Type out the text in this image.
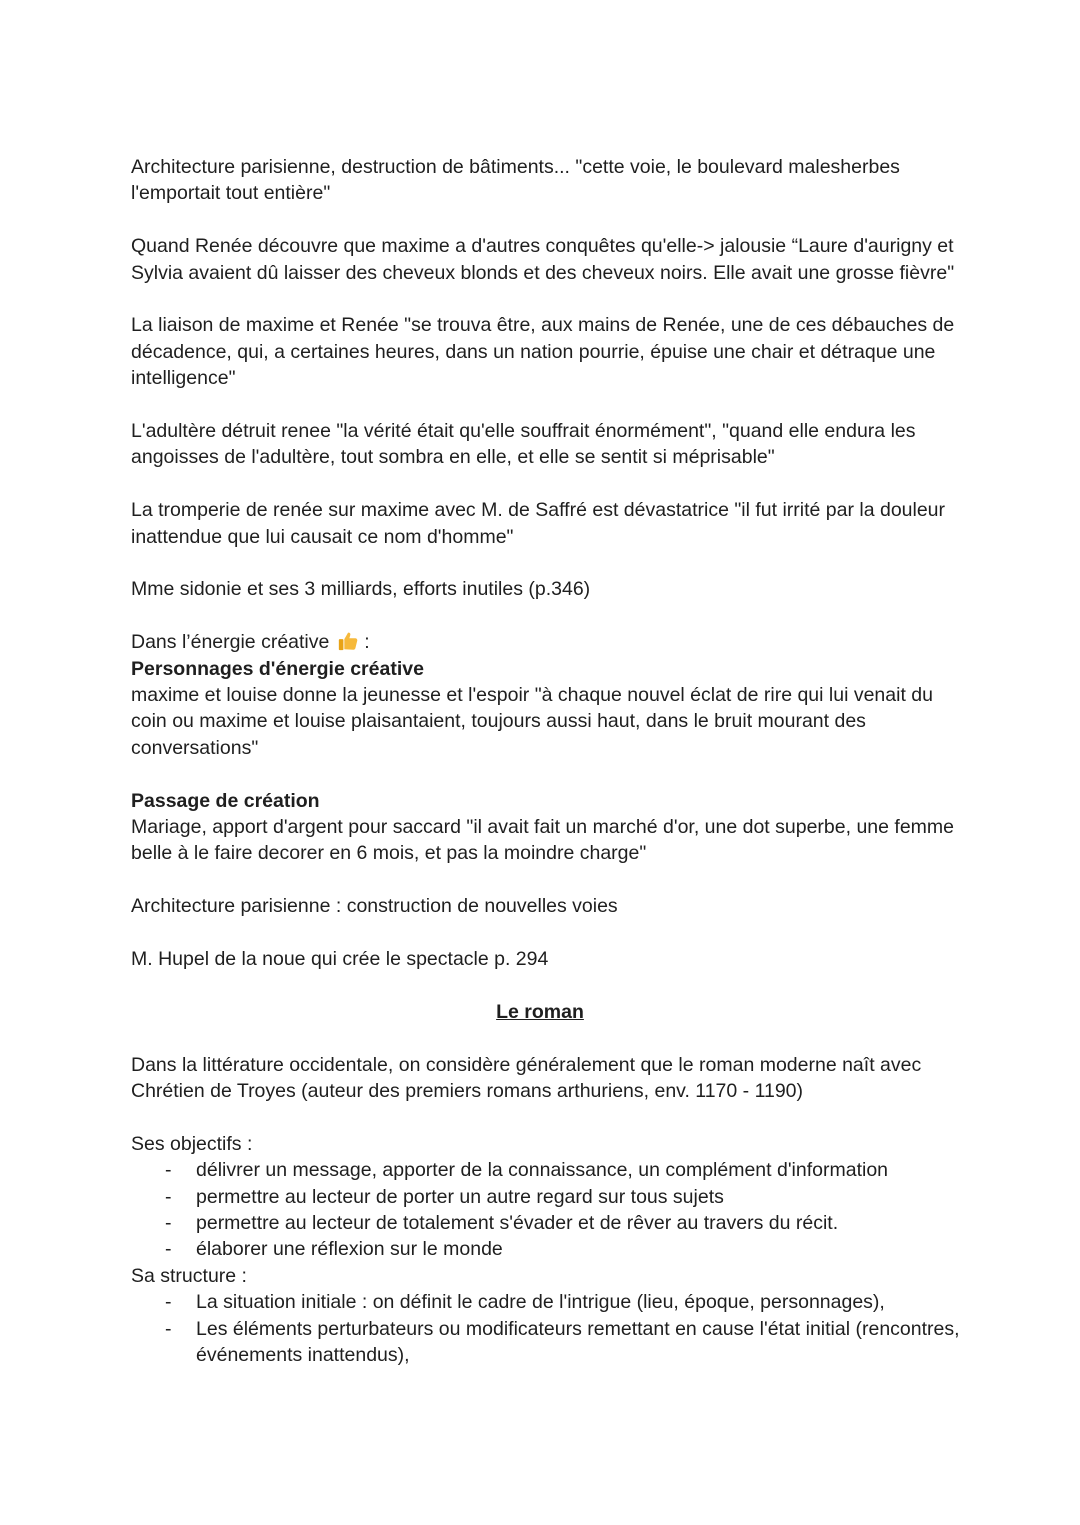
Architecture parisienne, destruction de bâtiments... "cette voie, le boulevard malesherbes l'emportait tout entière"

Quand Renée découvre que maxime a d'autres conquêtes qu'elle-> jalousie “Laure d'aurigny et Sylvia avaient dû laisser des cheveux blonds et des cheveux noirs. Elle avait une grosse fièvre"

La liaison de maxime et Renée "se trouva être, aux mains de Renée, une de ces débauches de décadence, qui, a certaines heures, dans un nation pourrie, épuise une chair et détraque une intelligence"

L'adultère détruit renee "la vérité était qu'elle souffrait énormément", "quand elle endura les angoisses de l'adultère, tout sombra en elle, et elle se sentit si méprisable"

La tromperie de renée sur maxime avec M. de Saffré est dévastatrice "il fut irrité par la douleur inattendue que lui causait ce nom d'homme"

Mme sidonie et ses 3 milliards, efforts inutiles (p.346)

Dans l’énergie créative  :
Personnages d'énergie créative

maxime et louise donne la jeunesse et l'espoir "à chaque nouvel éclat de rire qui lui venait du coin ou maxime et louise plaisantaient, toujours aussi haut, dans le bruit mourant des conversations"

Passage de création

Mariage, apport d'argent pour saccard "il avait fait un marché d'or, une dot superbe, une femme belle à le faire decorer en 6 mois, et pas la moindre charge"

Architecture parisienne : construction de nouvelles voies

M. Hupel de la noue qui crée le spectacle p. 294

Le roman

Dans la littérature occidentale, on considère généralement que le roman moderne naît avec Chrétien de Troyes (auteur des premiers romans arthuriens, env. 1170 - 1190)

Ses objectifs :

- délivrer un message, apporter de la connaissance, un complément d'information
- permettre au lecteur de porter un autre regard sur tous sujets
- permettre au lecteur de totalement s'évader et de rêver au travers du récit.
- élaborer une réflexion sur le monde

Sa structure :

- La situation initiale : on définit le cadre de l'intrigue (lieu, époque, personnages),
- Les éléments perturbateurs ou modificateurs remettant en cause l'état initial (rencontres, événements inattendus),
